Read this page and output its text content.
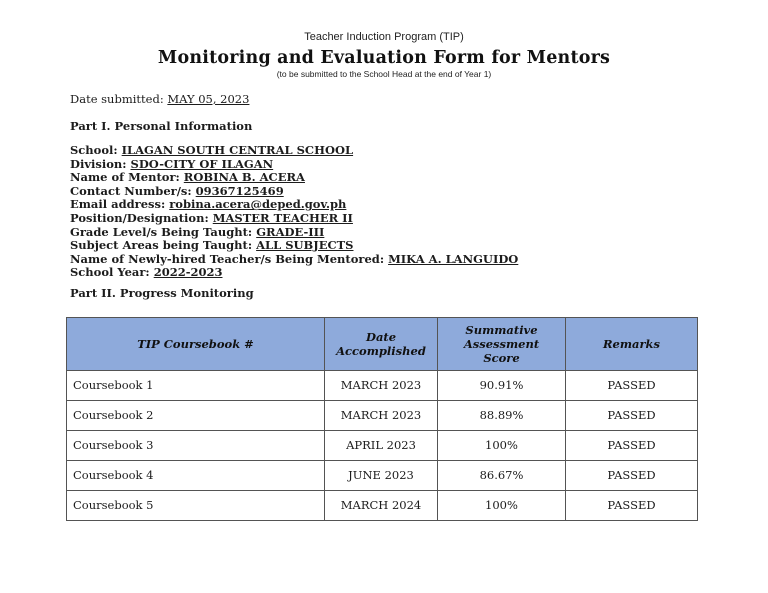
Teacher Induction Program (TIP)
Monitoring and Evaluation Form for Mentors
(to be submitted to the School Head at the end of Year 1)
Date submitted: MAY 05, 2023
Part I. Personal Information
School: ILAGAN SOUTH CENTRAL SCHOOL
Division: SDO-CITY OF ILAGAN
Name of Mentor: ROBINA B. ACERA
Contact Number/s: 09367125469
Email address: robina.acera@deped.gov.ph
Position/Designation: MASTER TEACHER II
Grade Level/s Being Taught: GRADE-III
Subject Areas being Taught: ALL SUBJECTS
Name of Newly-hired Teacher/s Being Mentored: MIKA A. LANGUIDO
School Year: 2022-2023
Part II. Progress Monitoring
TIP Coursebook #	Date Accomplished	Summative Assessment Score	Remarks
Coursebook 1	MARCH 2023	90.91%	PASSED
Coursebook 2	MARCH 2023	88.89%	PASSED
Coursebook 3	APRIL 2023	100%	PASSED
Coursebook 4	JUNE 2023	86.67%	PASSED
Coursebook 5	MARCH 2024	100%	PASSED
